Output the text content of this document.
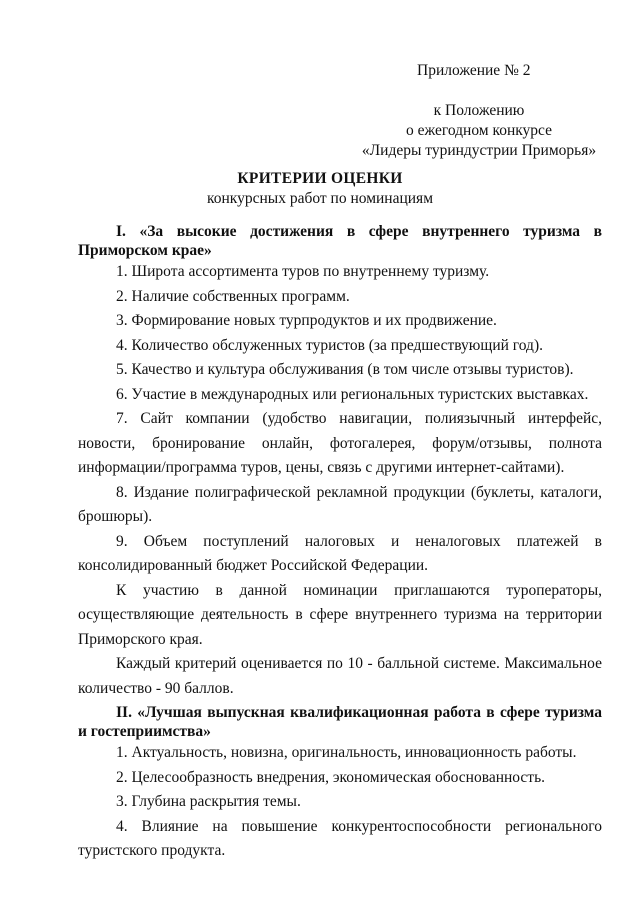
Приложение № 2
к Положению
о ежегодном конкурсе
«Лидеры туриндустрии Приморья»
КРИТЕРИИ ОЦЕНКИ
конкурсных работ по номинациям
I. «За высокие достижения в сфере внутреннего туризма в Приморском крае»
1. Широта ассортимента туров по внутреннему туризму.
2. Наличие собственных программ.
3. Формирование новых турпродуктов и их продвижение.
4. Количество обслуженных туристов (за предшествующий год).
5. Качество и культура обслуживания (в том числе отзывы туристов).
6. Участие в международных или региональных туристских выставках.
7. Сайт компании (удобство навигации, полиязычный интерфейс, новости, бронирование онлайн, фотогалерея, форум/отзывы, полнота информации/программа туров, цены, связь с другими интернет-сайтами).
8. Издание полиграфической рекламной продукции (буклеты, каталоги, брошюры).
9. Объем поступлений налоговых и неналоговых платежей в консолидированный бюджет Российской Федерации.
К участию в данной номинации приглашаются туроператоры, осуществляющие деятельность в сфере внутреннего туризма на территории Приморского края.
Каждый критерий оценивается по 10 - балльной системе. Максимальное количество - 90 баллов.
II. «Лучшая выпускная квалификационная работа в сфере туризма и гостеприимства»
1. Актуальность, новизна, оригинальность, инновационность работы.
2. Целесообразность внедрения, экономическая обоснованность.
3. Глубина раскрытия темы.
4. Влияние на повышение конкурентоспособности регионального туристского продукта.
